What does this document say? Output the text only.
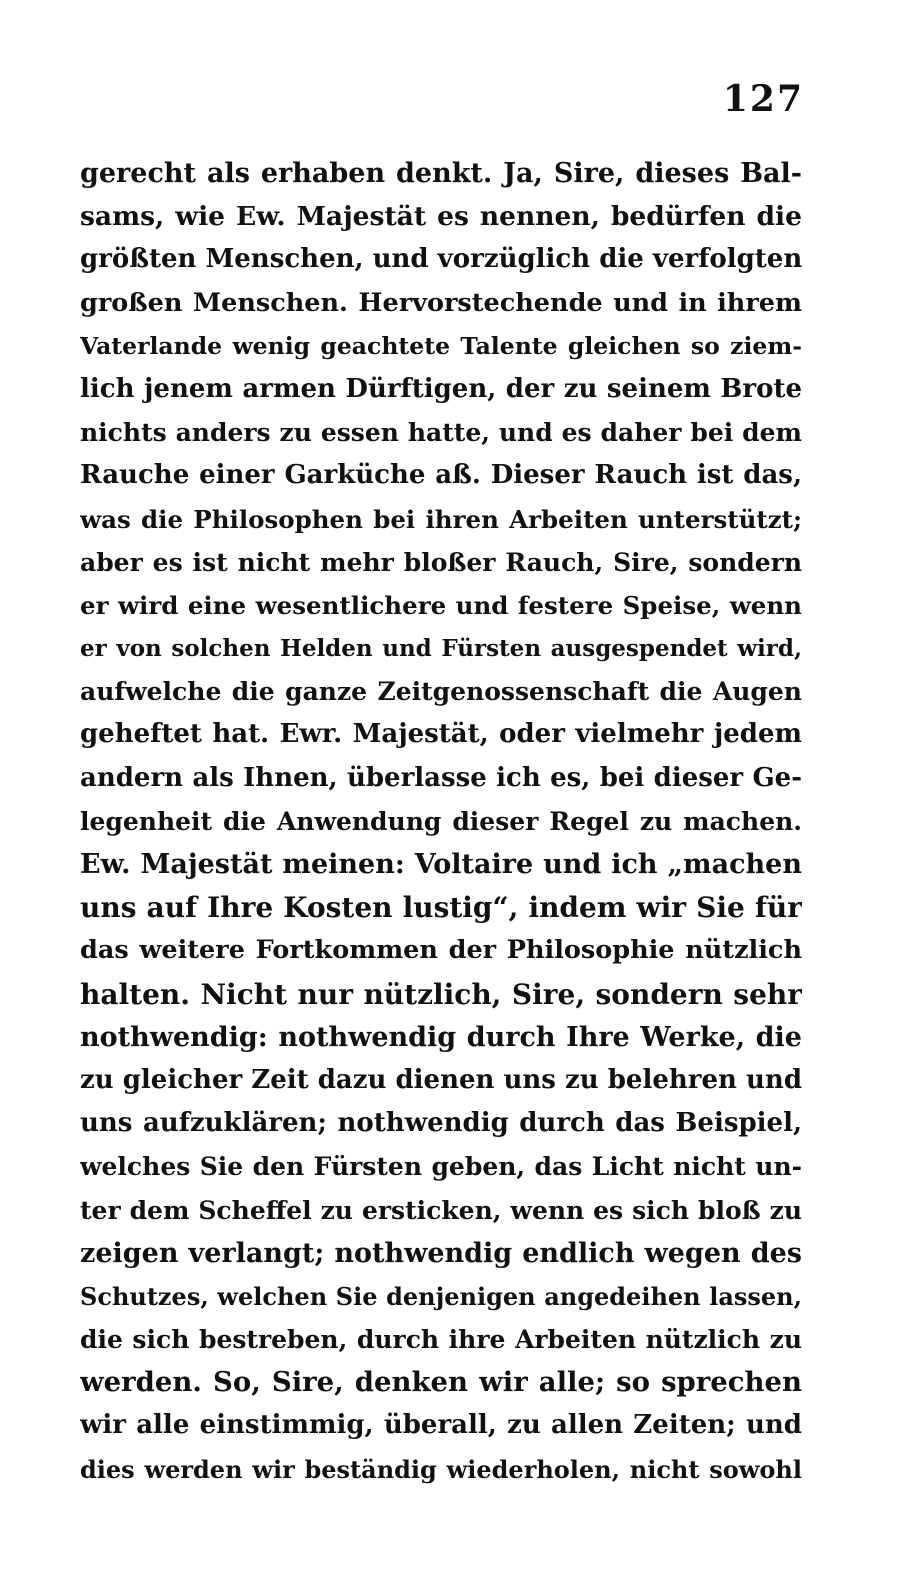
127
gerecht als erhaben denkt. Ja, Sire, dieses Bal-
sams, wie Ew. Majestät es nennen, bedürfen die
größten Menschen, und vorzüglich die verfolgten
großen Menschen. Hervorstechende und in ihrem
Vaterlande wenig geachtete Talente gleichen so ziem-
lich jenem armen Dürftigen, der zu seinem Brote
nichts anders zu essen hatte, und es daher bei dem
Rauche einer Garküche aß. Dieser Rauch ist das,
was die Philosophen bei ihren Arbeiten unterstützt;
aber es ist nicht mehr bloßer Rauch, Sire, sondern
er wird eine wesentlichere und festere Speise, wenn
er von solchen Helden und Fürsten ausgespendet wird,
aufwelche die ganze Zeitgenossenschaft die Augen
geheftet hat. Ewr. Majestät, oder vielmehr jedem
andern als Ihnen, überlasse ich es, bei dieser Ge-
legenheit die Anwendung dieser Regel zu machen.
Ew. Majestät meinen: Voltaire und ich „machen
uns auf Ihre Kosten lustig“, indem wir Sie für
das weitere Fortkommen der Philosophie nützlich
halten. Nicht nur nützlich, Sire, sondern sehr
nothwendig: nothwendig durch Ihre Werke, die
zu gleicher Zeit dazu dienen uns zu belehren und
uns aufzuklären; nothwendig durch das Beispiel,
welches Sie den Fürsten geben, das Licht nicht un-
ter dem Scheffel zu ersticken, wenn es sich bloß zu
zeigen verlangt; nothwendig endlich wegen des
Schutzes, welchen Sie denjenigen angedeihen lassen,
die sich bestreben, durch ihre Arbeiten nützlich zu
werden. So, Sire, denken wir alle; so sprechen
wir alle einstimmig, überall, zu allen Zeiten; und
dies werden wir beständig wiederholen, nicht sowohl
